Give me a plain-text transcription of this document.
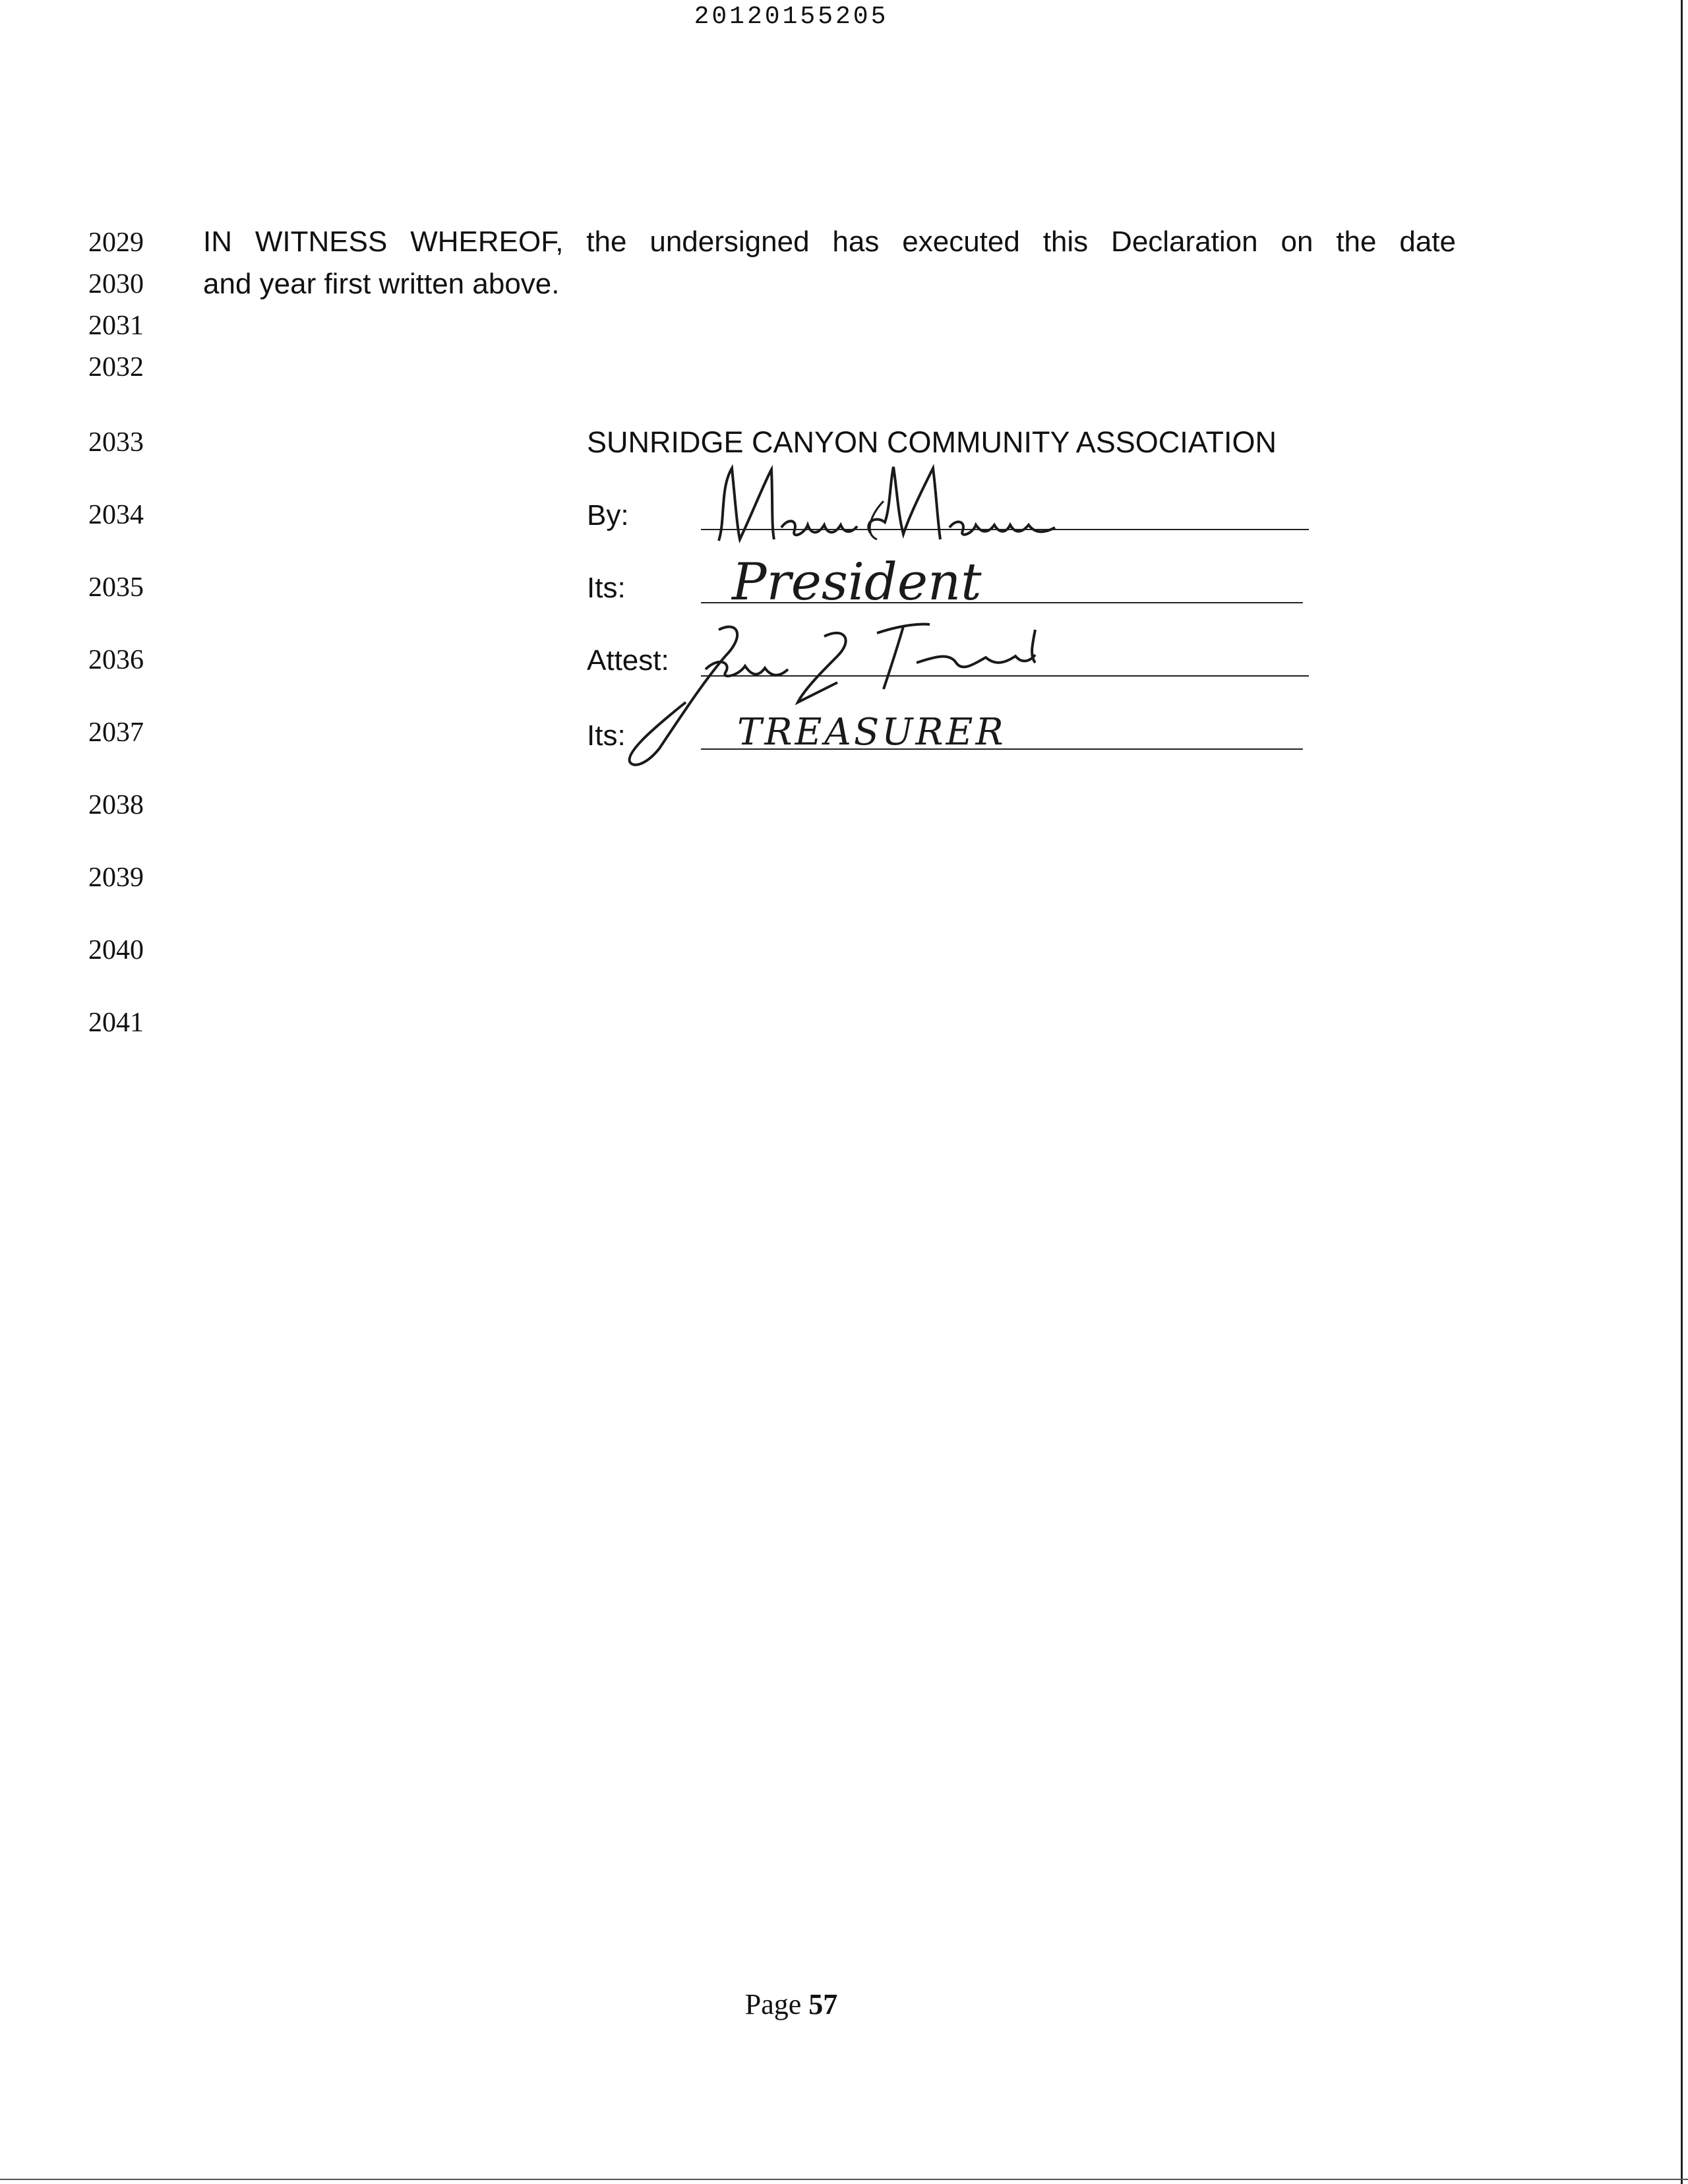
20120155205
2029
2030
2031
2032
2033
2034
2035
2036
2037
2038
2039
2040
2041
IN WITNESS WHEREOF, the undersigned has executed this Declaration on the date
and year first written above.
SUNRIDGE CANYON COMMUNITY ASSOCIATION
By:
Its:
Attest:
Its:
President
TREASURER
Page 57
